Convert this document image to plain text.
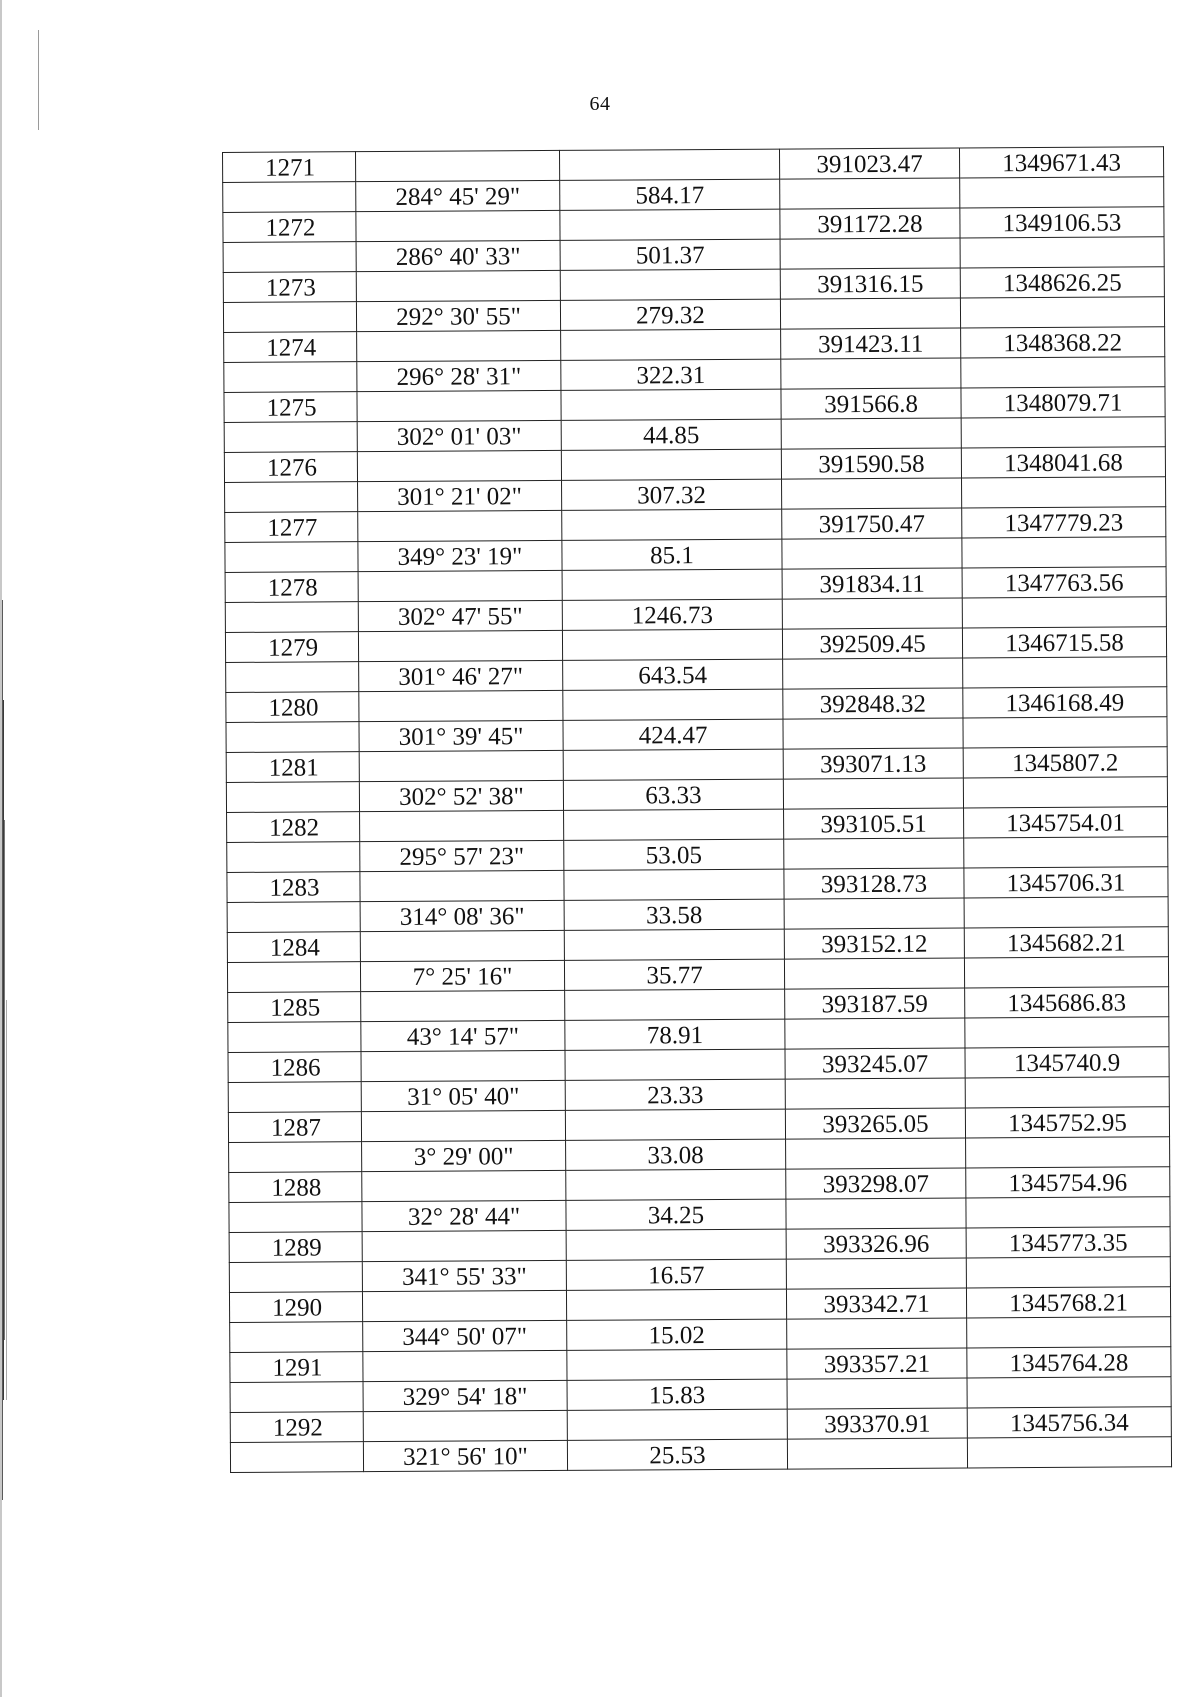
64
1271			391023.47	1349671.43
	284° 45' 29"	584.17		
1272			391172.28	1349106.53
	286° 40' 33"	501.37		
1273			391316.15	1348626.25
	292° 30' 55"	279.32		
1274			391423.11	1348368.22
	296° 28' 31"	322.31		
1275			391566.8	1348079.71
	302° 01' 03"	44.85		
1276			391590.58	1348041.68
	301° 21' 02"	307.32		
1277			391750.47	1347779.23
	349° 23' 19"	85.1		
1278			391834.11	1347763.56
	302° 47' 55"	1246.73		
1279			392509.45	1346715.58
	301° 46' 27"	643.54		
1280			392848.32	1346168.49
	301° 39' 45"	424.47		
1281			393071.13	1345807.2
	302° 52' 38"	63.33		
1282			393105.51	1345754.01
	295° 57' 23"	53.05		
1283			393128.73	1345706.31
	314° 08' 36"	33.58		
1284			393152.12	1345682.21
	7° 25' 16"	35.77		
1285			393187.59	1345686.83
	43° 14' 57"	78.91		
1286			393245.07	1345740.9
	31° 05' 40"	23.33		
1287			393265.05	1345752.95
	3° 29' 00"	33.08		
1288			393298.07	1345754.96
	32° 28' 44"	34.25		
1289			393326.96	1345773.35
	341° 55' 33"	16.57		
1290			393342.71	1345768.21
	344° 50' 07"	15.02		
1291			393357.21	1345764.28
	329° 54' 18"	15.83		
1292			393370.91	1345756.34
	321° 56' 10"	25.53		
